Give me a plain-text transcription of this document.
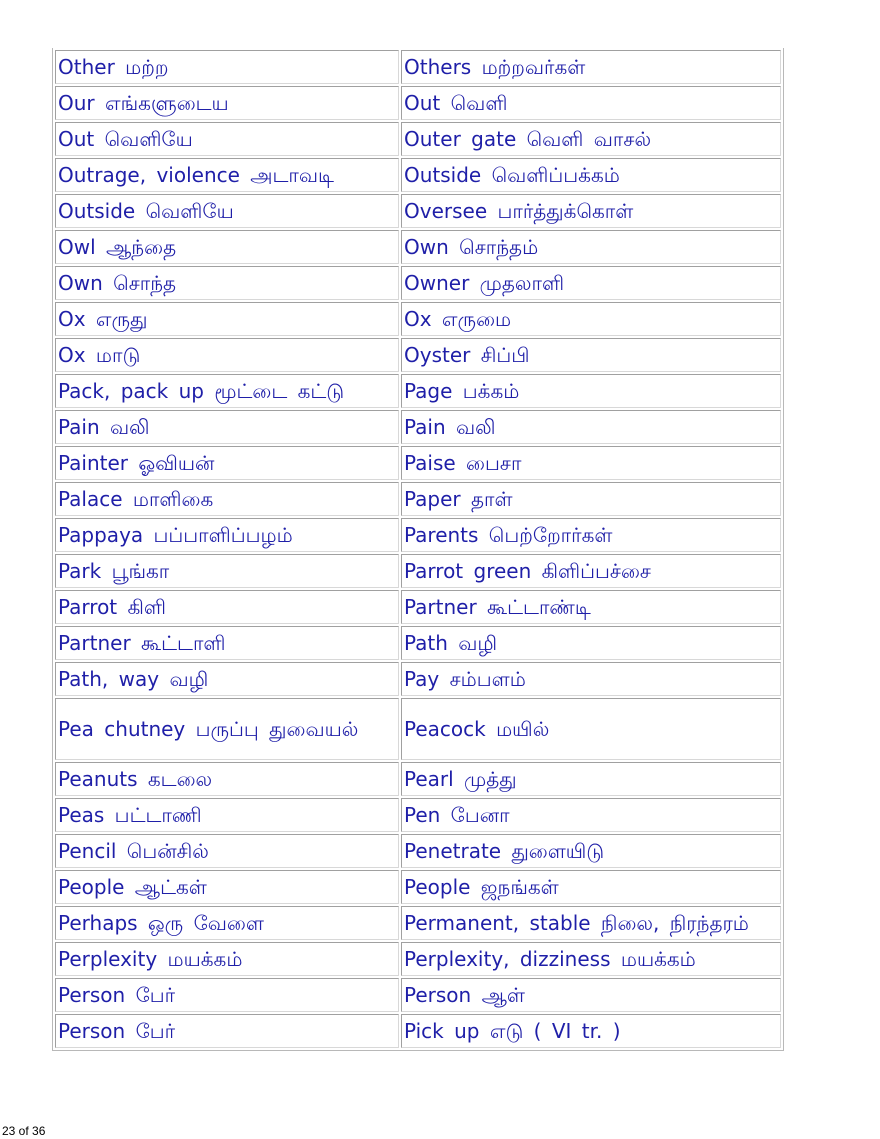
Other மற்ற	Others மற்றவர்கள்
Our எங்களுடைய	Out வெளி
Out வெளியே	Outer gate வெளி வாசல்
Outrage, violence அடாவடி	Outside வெளிப்பக்கம்
Outside வெளியே	Oversee பார்த்துக்கொள்
Owl ஆந்தை	Own சொந்தம்
Own சொந்த	Owner முதலாளி
Ox எருது	Ox எருமை
Ox மாடு	Oyster சிப்பி
Pack, pack up மூட்டை கட்டு	Page பக்கம்
Pain வலி	Pain வலி
Painter ஓவியன்	Paise பைசா
Palace மாளிகை	Paper தாள்
Pappaya பப்பாளிப்பழம்	Parents பெற்றோர்கள்
Park பூங்கா	Parrot green கிளிப்பச்சை
Parrot கிளி	Partner கூட்டாண்டி
Partner கூட்டாளி	Path வழி
Path, way வழி	Pay சம்பளம்
Pea chutney பருப்பு துவையல்	Peacock மயில்
Peanuts கடலை	Pearl முத்து
Peas பட்டாணி	Pen பேனா
Pencil பென்சில்	Penetrate துளையிடு
People ஆட்கள்	People ஜநங்கள்
Perhaps ஒரு வேளை	Permanent, stable நிலை, நிரந்தரம்
Perplexity மயக்கம்	Perplexity, dizziness மயக்கம்
Person பேர்	Person ஆள்
Person பேர்	Pick up எடு ( VI tr. )
23 of 36
